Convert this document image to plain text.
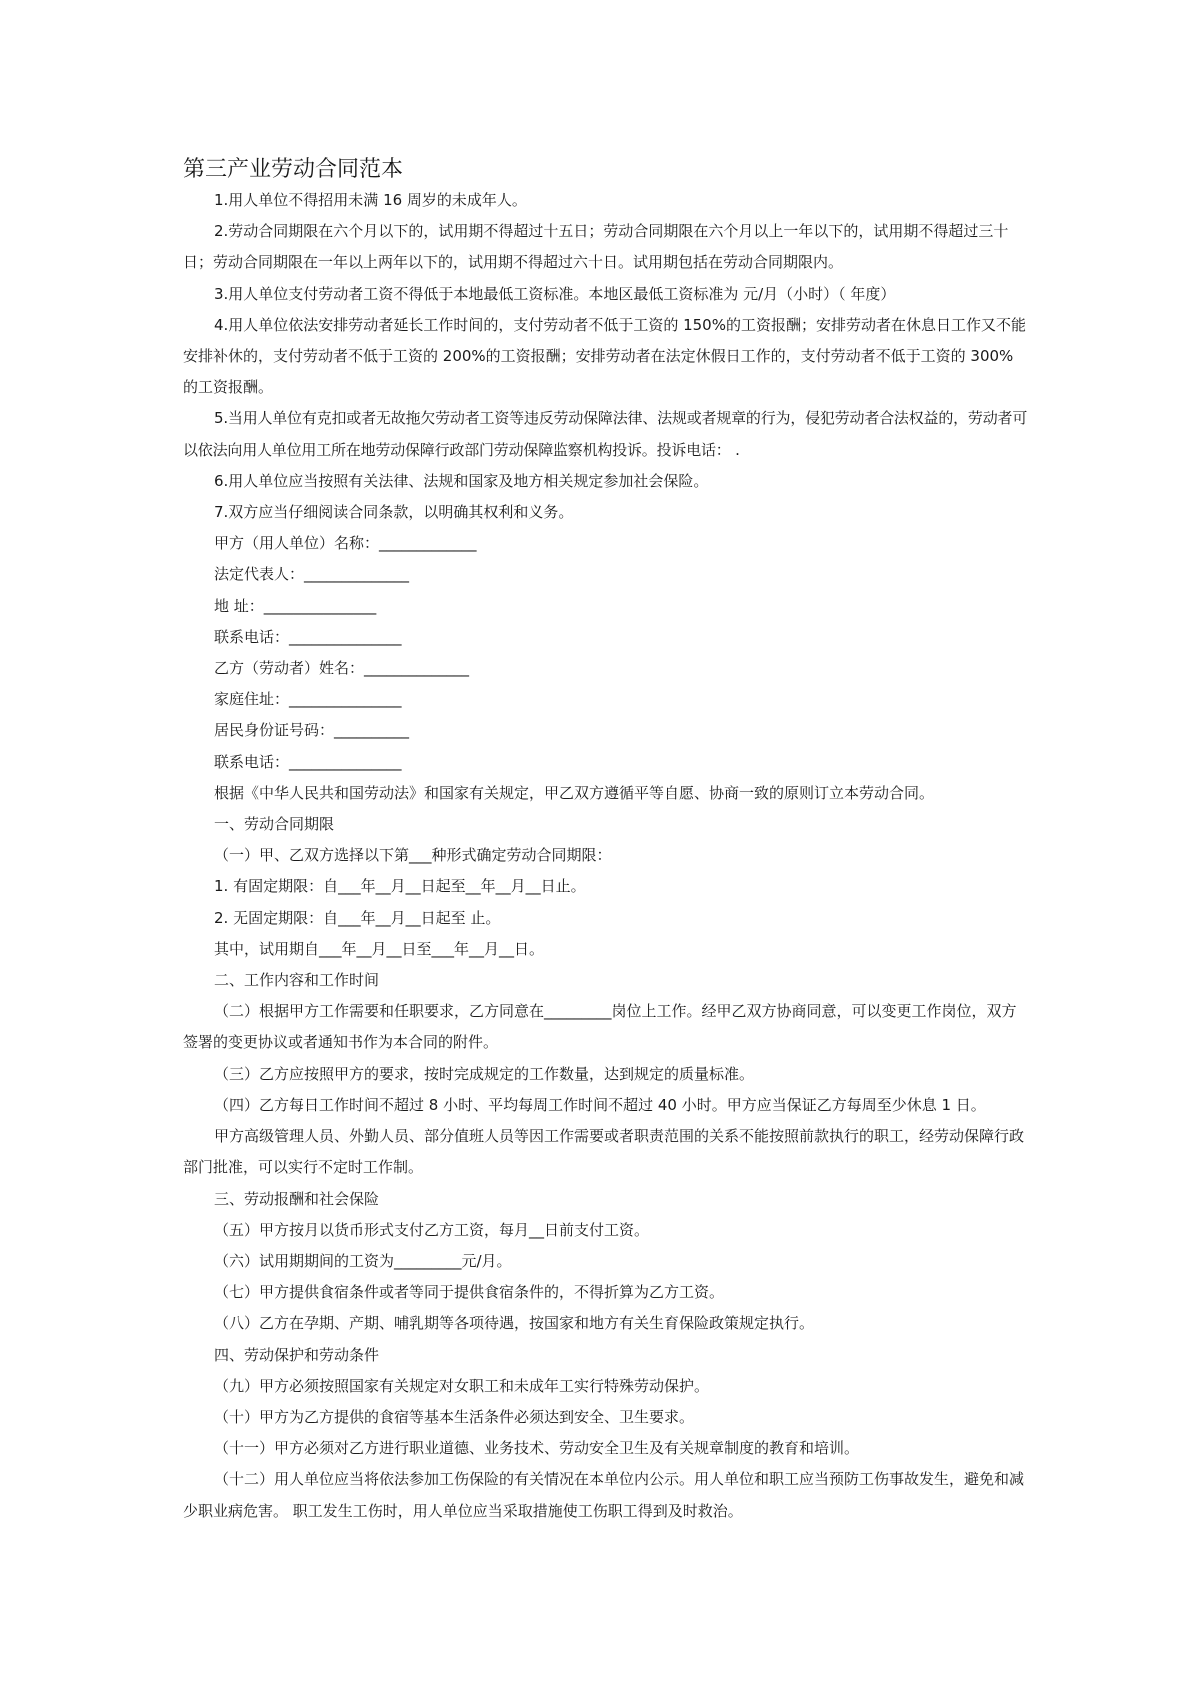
第三产业劳动合同范本

1.用人单位不得招用未满 16 周岁的未成年人。

2.劳动合同期限在六个月以下的，试用期不得超过十五日；劳动合同期限在六个月以上一年以下的，试用期不得超过三十日；劳动合同期限在一年以上两年以下的，试用期不得超过六十日。试用期包括在劳动合同期限内。

3.用人单位支付劳动者工资不得低于本地最低工资标准。本地区最低工资标准为 元/月（小时）（ 年度）

4.用人单位依法安排劳动者延长工作时间的，支付劳动者不低于工资的 150%的工资报酬；安排劳动者在休息日工作又不能安排补休的，支付劳动者不低于工资的 200%的工资报酬；安排劳动者在法定休假日工作的，支付劳动者不低于工资的 300%的工资报酬。

5.当用人单位有克扣或者无故拖欠劳动者工资等违反劳动保障法律、法规或者规章的行为，侵犯劳动者合法权益的，劳动者可以依法向用人单位用工所在地劳动保障行政部门劳动保障监察机构投诉。投诉电话： .

6.用人单位应当按照有关法律、法规和国家及地方相关规定参加社会保险。

7.双方应当仔细阅读合同条款，以明确其权利和义务。

甲方（用人单位）名称：_____________

法定代表人：______________

地 址：_______________

联系电话：_______________

乙方（劳动者）姓名：______________

家庭住址：_______________

居民身份证号码：__________

联系电话：_______________

根据《中华人民共和国劳动法》和国家有关规定，甲乙双方遵循平等自愿、协商一致的原则订立本劳动合同。

一、劳动合同期限

（一）甲、乙双方选择以下第___种形式确定劳动合同期限：

1. 有固定期限：自___年__月__日起至__年__月__日止。

2. 无固定期限：自___年__月__日起至 止。

其中，试用期自___年__月__日至___年__月__日。

二、工作内容和工作时间

（二）根据甲方工作需要和任职要求，乙方同意在_________岗位上工作。经甲乙双方协商同意，可以变更工作岗位，双方签署的变更协议或者通知书作为本合同的附件。

（三）乙方应按照甲方的要求，按时完成规定的工作数量，达到规定的质量标准。

（四）乙方每日工作时间不超过 8 小时、平均每周工作时间不超过 40 小时。甲方应当保证乙方每周至少休息 1 日。

甲方高级管理人员、外勤人员、部分值班人员等因工作需要或者职责范围的关系不能按照前款执行的职工，经劳动保障行政部门批准，可以实行不定时工作制。

三、劳动报酬和社会保险

（五）甲方按月以货币形式支付乙方工资，每月__日前支付工资。

（六）试用期期间的工资为_________元/月。

（七）甲方提供食宿条件或者等同于提供食宿条件的，不得折算为乙方工资。

（八）乙方在孕期、产期、哺乳期等各项待遇，按国家和地方有关生育保险政策规定执行。

四、劳动保护和劳动条件

（九）甲方必须按照国家有关规定对女职工和未成年工实行特殊劳动保护。

（十）甲方为乙方提供的食宿等基本生活条件必须达到安全、卫生要求。

（十一）甲方必须对乙方进行职业道德、业务技术、劳动安全卫生及有关规章制度的教育和培训。

（十二）用人单位应当将依法参加工伤保险的有关情况在本单位内公示。用人单位和职工应当预防工伤事故发生，避免和减少职业病危害。 职工发生工伤时，用人单位应当采取措施使工伤职工得到及时救治。
